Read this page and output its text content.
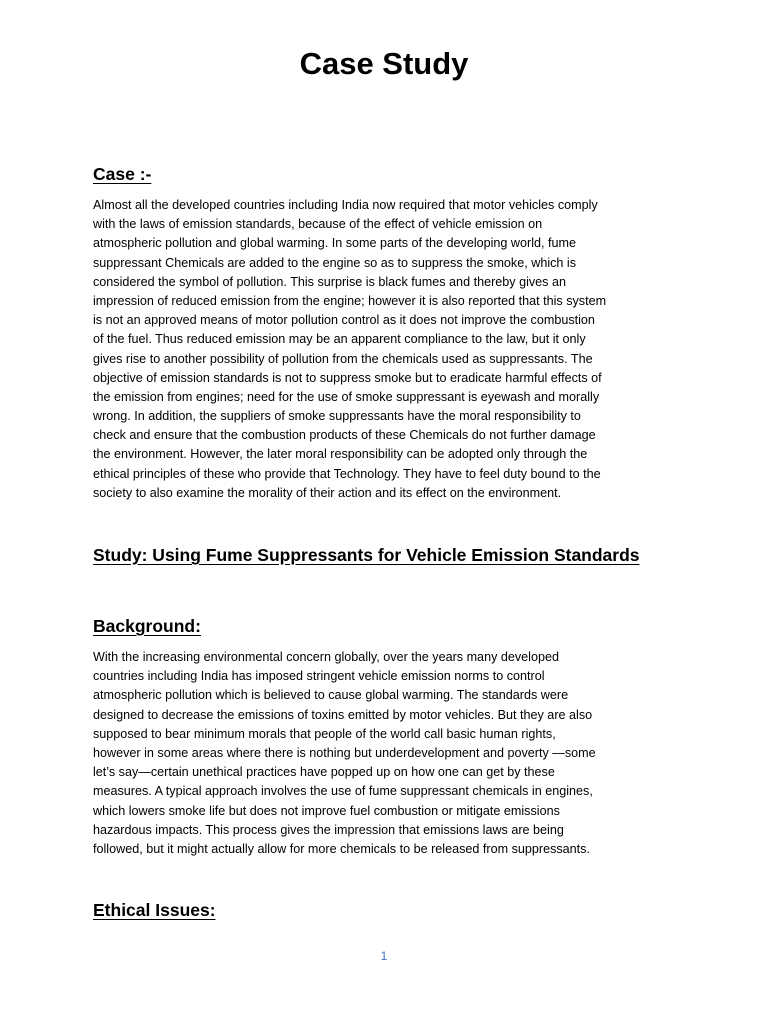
Case Study
Case :-
Almost all the developed countries including India now required that motor vehicles comply
with the laws of emission standards, because of the effect of vehicle emission on
atmospheric pollution and global warming. In some parts of the developing world, fume
suppressant Chemicals are added to the engine so as to suppress the smoke, which is
considered the symbol of pollution. This surprise is black fumes and thereby gives an
impression of reduced emission from the engine; however it is also reported that this system
is not an approved means of motor pollution control as it does not improve the combustion
of the fuel. Thus reduced emission may be an apparent compliance to the law, but it only
gives rise to another possibility of pollution from the chemicals used as suppressants. The
objective of emission standards is not to suppress smoke but to eradicate harmful effects of
the emission from engines; need for the use of smoke suppressant is eyewash and morally
wrong. In addition, the suppliers of smoke suppressants have the moral responsibility to
check and ensure that the combustion products of these Chemicals do not further damage
the environment. However, the later moral responsibility can be adopted only through the
ethical principles of these who provide that Technology. They have to feel duty bound to the
society to also examine the morality of their action and its effect on the environment.
Study: Using Fume Suppressants for Vehicle Emission Standards
Background:
With the increasing environmental concern globally, over the years many developed
countries including India has imposed stringent vehicle emission norms to control
atmospheric pollution which is believed to cause global warming. The standards were
designed to decrease the emissions of toxins emitted by motor vehicles. But they are also
supposed to bear minimum morals that people of the world call basic human rights,
however in some areas where there is nothing but underdevelopment and poverty —some
let’s say—certain unethical practices have popped up on how one can get by these
measures. A typical approach involves the use of fume suppressant chemicals in engines,
which lowers smoke life but does not improve fuel combustion or mitigate emissions
hazardous impacts. This process gives the impression that emissions laws are being
followed, but it might actually allow for more chemicals to be released from suppressants.
Ethical Issues:
1
